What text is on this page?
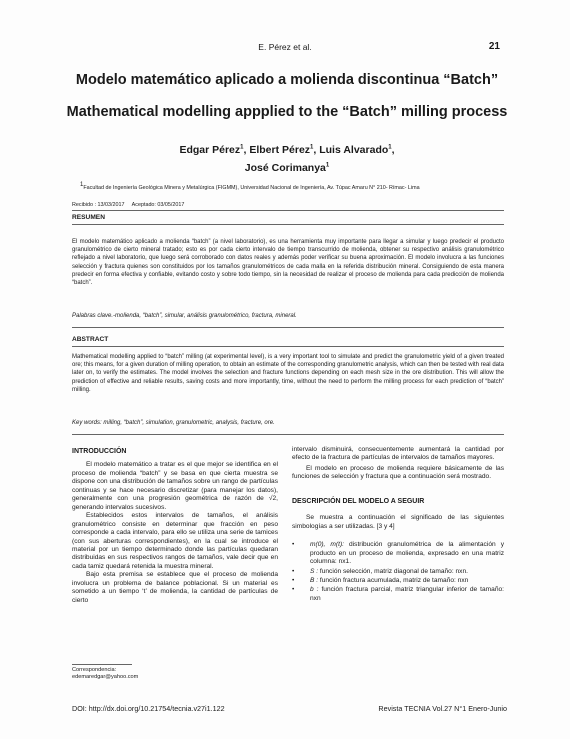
E. Pérez et al.	21
Modelo matemático aplicado a molienda discontinua “Batch”
Mathematical modelling appplied to the “Batch” milling process
Edgar Pérez$^1$, Elbert Pérez$^1$, Luis Alvarado$^1$,
José Corimanya$^1$
$^1$Facultad de Ingeniería Geológica Minera y Metalúrgica (FIGMM), Universidad Nacional de Ingeniería, Av. Túpac Amaru N° 210- Rímac- Lima
Recibido : 13/03/2017 Aceptado: 03/05/2017
RESUMEN
El modelo matemático aplicado a molienda “batch” (a nivel laboratorio), es una herramienta muy importante para llegar a simular y luego predecir el producto granulométrico de cierto mineral tratado; esto es por cada cierto intervalo de tiempo transcurrido de molienda, obtener su respectivo análisis granulométrico reflejado a nivel laboratorio, que luego será corroborado con datos reales y además poder verificar su buena aproximación. El modelo involucra a las funciones selección y fractura quienes son constituidos por los tamaños granulométricos de cada malla en la referida distribución mineral. Consiguiendo de esta manera predecir en forma efectiva y confiable, evitando costo y sobre todo tiempo, sin la necesidad de realizar el proceso de molienda para cada predicción de molienda “batch”.
Palabras clave.-molienda, “batch”, simular, análisis granulométrico, fractura, mineral.
ABSTRACT
Mathematical modelling applied to “batch” milling (at experimental level), is a very important tool to simulate and predict the granulometric yield of a given treated ore; this means, for a given duration of milling operation, to obtain an estimate of the corresponding granulometric analysis, which can then be tested with real data later on, to verify the estimates. The model involves the selection and fracture functions depending on each mesh size in the ore distribution. This will allow the prediction of effective and reliable results, saving costs and more importantly, time, without the need to perform the milling process for each prediction of “batch” milling.
Key words: milling, “batch”, simulation, granulometric, analysis, fracture, ore.

INTRODUCCIÓN

El modelo matemático a tratar es el que mejor se identifica en el proceso de molienda “batch” y se basa en que cierta muestra se dispone con una distribución de tamaños sobre un rango de partículas continuas y se hace necesario discretizar (para manejar los datos), generalmente con una progresión geométrica de razón de √2, generando intervalos sucesivos.

Establecidos estos intervalos de tamaños, el análisis granulométrico consiste en determinar que fracción en peso corresponde a cada intervalo, para ello se utiliza una serie de tamices (con sus aberturas correspondientes), en la cual se introduce el material por un tiempo determinado donde las partículas quedaran distribuidas en sus respectivos rangos de tamaños, vale decir que en cada tamiz quedará retenida la muestra mineral.

Bajo esta premisa se establece que el proceso de molienda involucra un problema de balance poblacional. Si un material es sometido a un tiempo ‘t’ de molienda, la cantidad de partículas de cierto

intervalo disminuirá, consecuentemente aumentará la cantidad por efecto de la fractura de partículas de intervalos de tamaños mayores.

El modelo en proceso de molienda requiere básicamente de las funciones de selección y fractura que a continuación será mostrado.

DESCRIPCIÓN DEL MODELO A SEGUIR

Se muestra a continuación el significado de las siguientes simbologías a ser utilizadas. [3 y 4]

• m(0), m(t): distribución granulométrica de la alimentación y producto en un proceso de molienda, expresado en una matriz columna: nx1.
• S : función selección, matriz diagonal de tamaño: nxn.
• B : función fractura acumulada, matriz de tamaño: nxn
• b : función fractura parcial, matriz triangular inferior de tamaño: nxn
Correspondencia:
edemaredgar@yahoo.com
DOI: http://dx.doi.org/10.21754/tecnia.v27i1.122	Revista TECNIA Vol.27 N°1 Enero-Junio
